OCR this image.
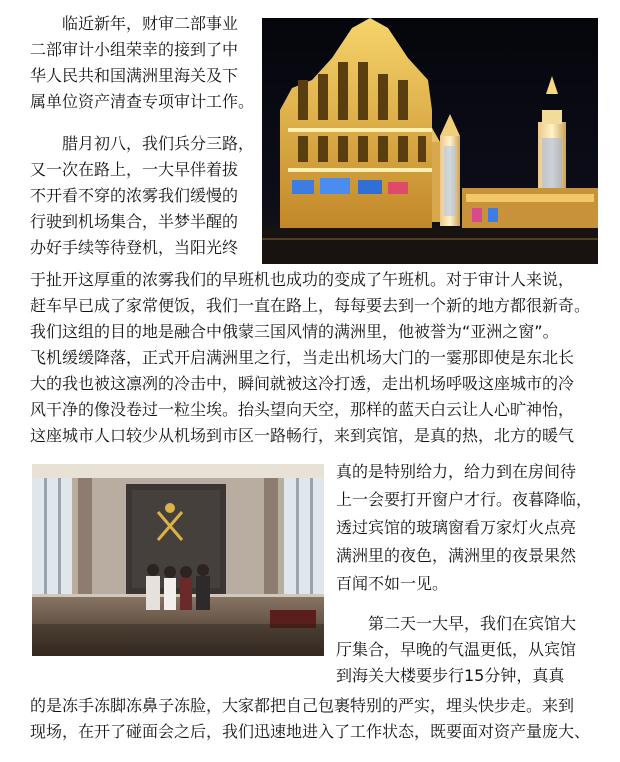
临近新年，财审二部事业
二部审计小组荣幸的接到了中
华人民共和国满洲里海关及下
属单位资产清查专项审计工作。
腊月初八，我们兵分三路，
又一次在路上，一大早伴着拔
不开看不穿的浓雾我们缓慢的
行驶到机场集合，半梦半醒的
办好手续等待登机，当阳光终
于扯开这厚重的浓雾我们的早班机也成功的变成了午班机。对于审计人来说，
赶车早已成了家常便饭，我们一直在路上，每每要去到一个新的地方都很新奇。
我们这组的目的地是融合中俄蒙三国风情的满洲里，他被誉为“亚洲之窗”。
飞机缓缓降落，正式开启满洲里之行，当走出机场大门的一霎那即使是东北长
大的我也被这凛冽的冷击中，瞬间就被这冷打透，走出机场呼吸这座城市的冷
风干净的像没卷过一粒尘埃。抬头望向天空，那样的蓝天白云让人心旷神怡，
这座城市人口较少从机场到市区一路畅行，来到宾馆，是真的热，北方的暖气
真的是特别给力，给力到在房间待
上一会要打开窗户才行。夜暮降临，
透过宾馆的玻璃窗看万家灯火点亮
满洲里的夜色，满洲里的夜景果然
百闻不如一见。
第二天一大早，我们在宾馆大
厅集合，早晚的气温更低，从宾馆
到海关大楼要步行15分钟，真真
的是冻手冻脚冻鼻子冻脸，大家都把自己包裹特别的严实，埋头快步走。来到
现场，在开了碰面会之后，我们迅速地进入了工作状态，既要面对资产量庞大、
